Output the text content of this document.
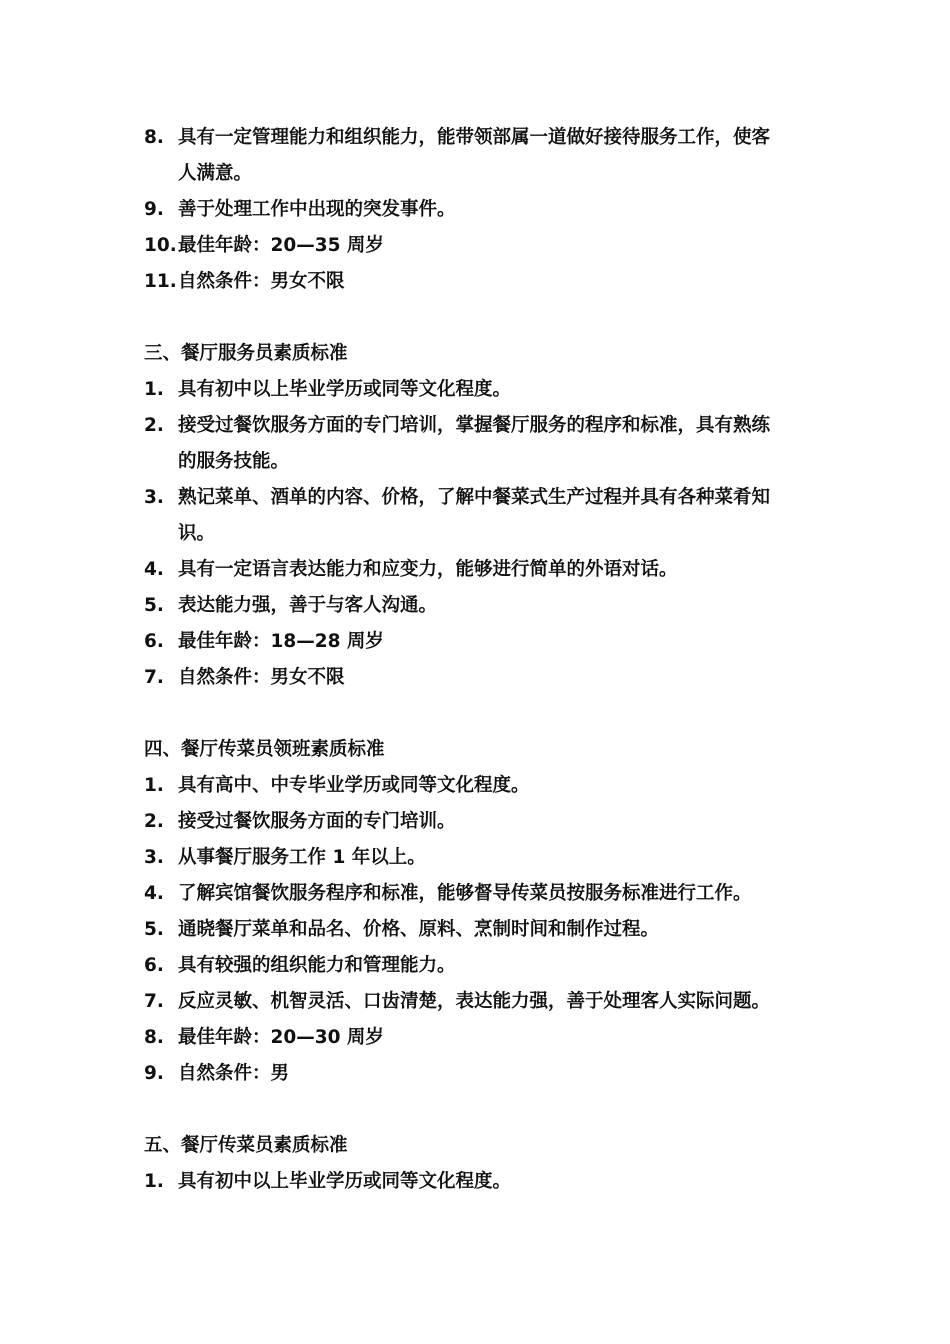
8. 具有一定管理能力和组织能力，能带领部属一道做好接待服务工作，使客
人满意。
9. 善于处理工作中出现的突发事件。
10. 最佳年龄：20—35 周岁
11. 自然条件：男女不限
三、餐厅服务员素质标准
1. 具有初中以上毕业学历或同等文化程度。
2. 接受过餐饮服务方面的专门培训，掌握餐厅服务的程序和标准，具有熟练
的服务技能。
3. 熟记菜单、酒单的内容、价格，了解中餐菜式生产过程并具有各种菜肴知
识。
4. 具有一定语言表达能力和应变力，能够进行简单的外语对话。
5. 表达能力强，善于与客人沟通。
6. 最佳年龄：18—28 周岁
7. 自然条件：男女不限
四、餐厅传菜员领班素质标准
1. 具有高中、中专毕业学历或同等文化程度。
2. 接受过餐饮服务方面的专门培训。
3. 从事餐厅服务工作 1 年以上。
4. 了解宾馆餐饮服务程序和标准，能够督导传菜员按服务标准进行工作。
5. 通晓餐厅菜单和品名、价格、原料、烹制时间和制作过程。
6. 具有较强的组织能力和管理能力。
7. 反应灵敏、机智灵活、口齿清楚，表达能力强，善于处理客人实际问题。
8. 最佳年龄：20—30 周岁
9. 自然条件：男
五、餐厅传菜员素质标准
1. 具有初中以上毕业学历或同等文化程度。
